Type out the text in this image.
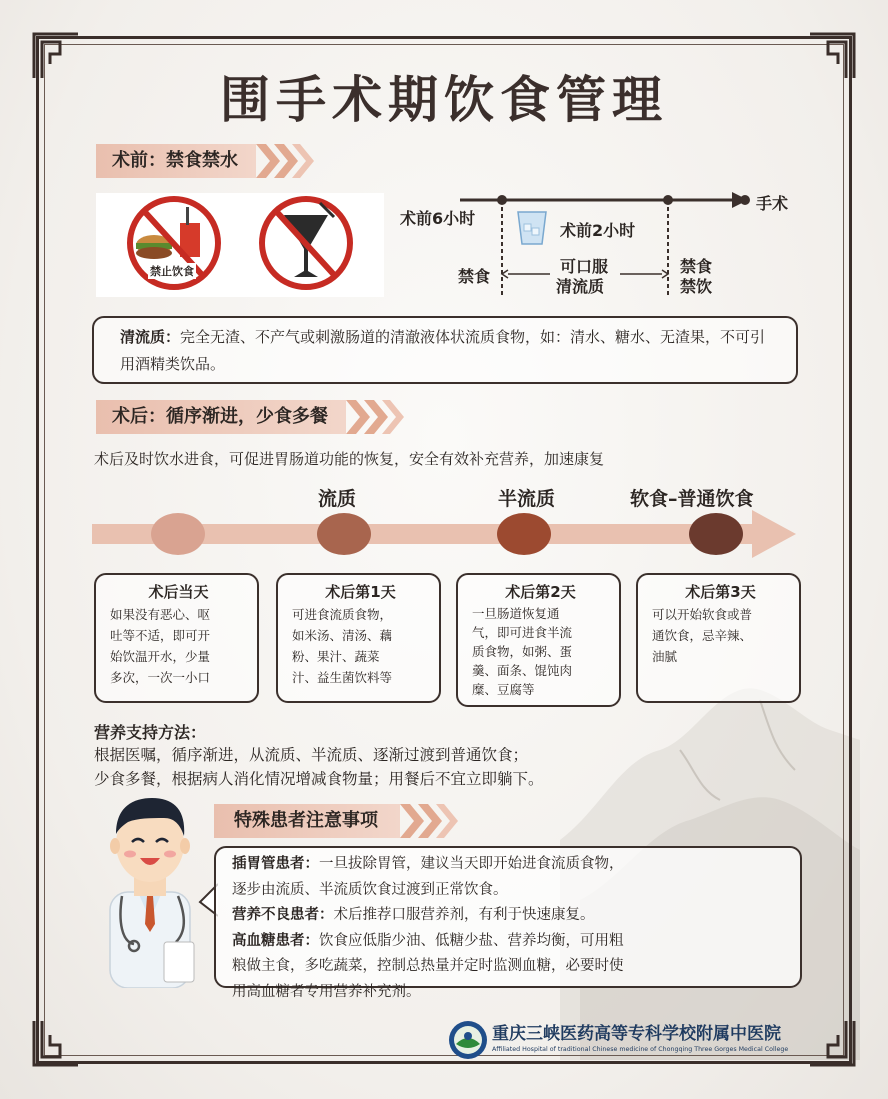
围手术期饮食管理
术前：禁食禁水
禁止饮食
术前6小时
术前2小时
手术
禁食
可口服
清流质
禁食
禁饮
清流质：完全无渣、不产气或刺激肠道的清澈液体状流质食物，如：清水、糖水、无渣果，不可引用酒精类饮品。
术后：循序渐进，少食多餐
术后及时饮水进食，可促进胃肠道功能的恢复，安全有效补充营养，加速康复
流质	半流质	软食–普通饮食
术后当天
如果没有恶心、呕
吐等不适，即可开
始饮温开水，少量
多次，一次一小口
术后第1天
可进食流质食物，
如米汤、清汤、藕
粉、果汁、蔬菜
汁、益生菌饮料等
术后第2天
一旦肠道恢复通
气，即可进食半流
质食物，如粥、蛋
羹、面条、馄饨肉
糜、豆腐等
术后第3天
可以开始软食或普
通饮食，忌辛辣、
油腻
营养支持方法：
根据医嘱，循序渐进，从流质、半流质、逐渐过渡到普通饮食；
少食多餐，根据病人消化情况增减食物量；用餐后不宜立即躺下。
特殊患者注意事项
插胃管患者：一旦拔除胃管，建议当天即开始进食流质食物，
逐步由流质、半流质饮食过渡到正常饮食。
营养不良患者：术后推荐口服营养剂，有利于快速康复。
高血糖患者：饮食应低脂少油、低糖少盐、营养均衡，可用粗
粮做主食，多吃蔬菜，控制总热量并定时监测血糖，必要时使
用高血糖者专用营养补充剂。
重庆三峡医药高等专科学校附属中医院
Affiliated Hospital of traditional Chinese medicine of Chongqing Three Gorges Medical College
